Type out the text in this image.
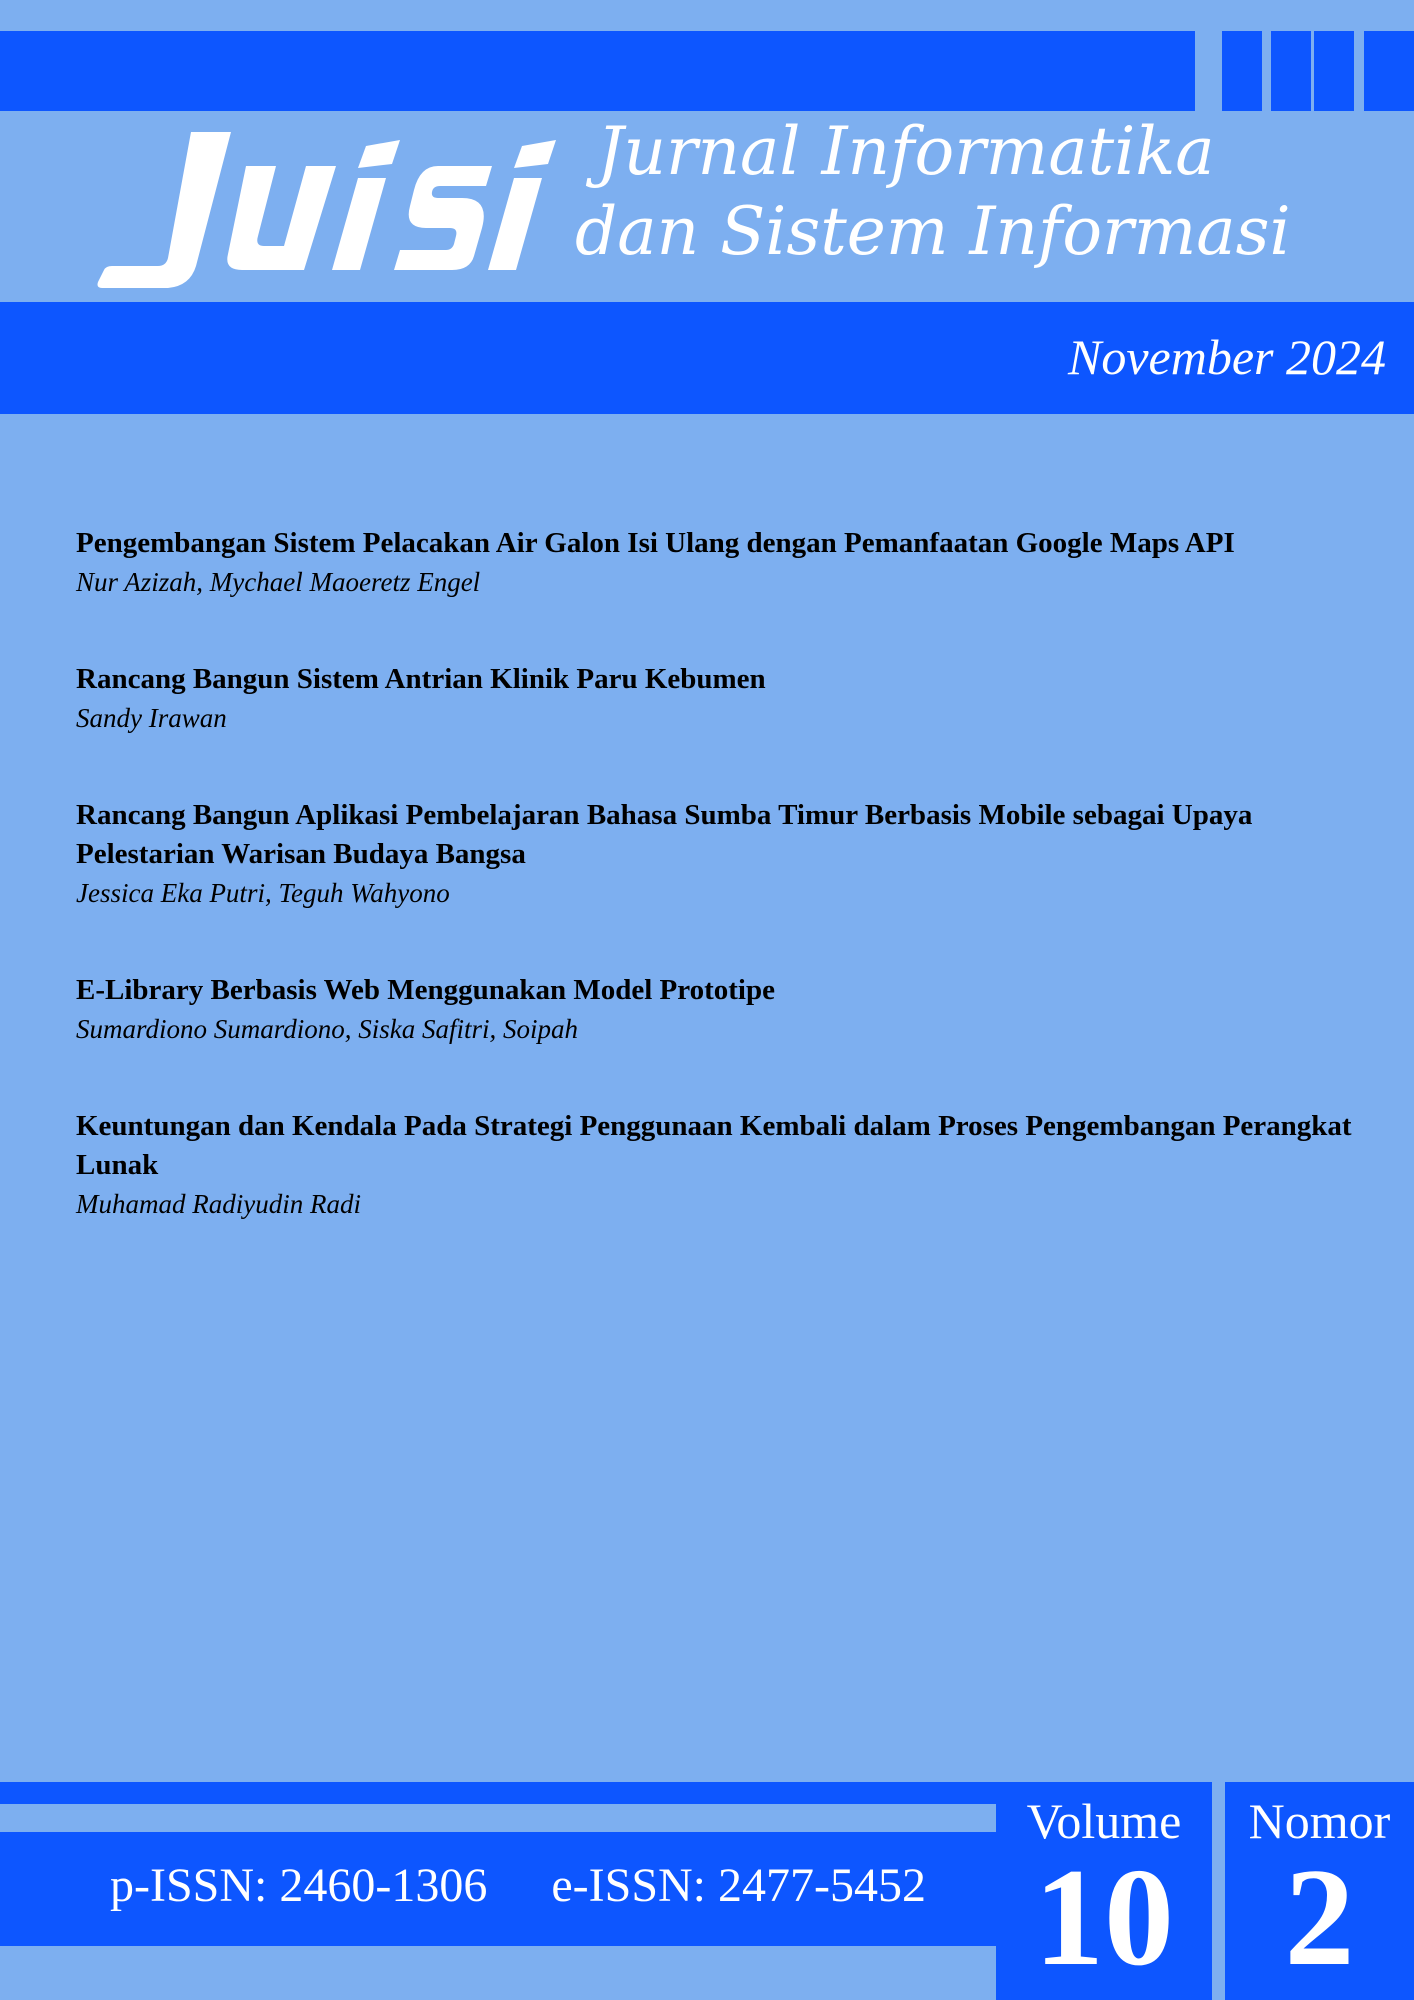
Jurnal Informatika
dan Sistem Informasi
November 2024
Pengembangan Sistem Pelacakan Air Galon Isi Ulang dengan Pemanfaatan Google Maps API
Nur Azizah, Mychael Maoeretz Engel
Rancang Bangun Sistem Antrian Klinik Paru Kebumen
Sandy Irawan
Rancang Bangun Aplikasi Pembelajaran Bahasa Sumba Timur Berbasis Mobile sebagai Upaya Pelestarian Warisan Budaya Bangsa
Jessica Eka Putri, Teguh Wahyono
E-Library Berbasis Web Menggunakan Model Prototipe
Sumardiono Sumardiono, Siska Safitri, Soipah
Keuntungan dan Kendala Pada Strategi Penggunaan Kembali dalam Proses Pengembangan Perangkat Lunak
Muhamad Radiyudin Radi
p-ISSN: 2460-1306 e-ISSN: 2477-5452
Volume
10
Nomor
2
